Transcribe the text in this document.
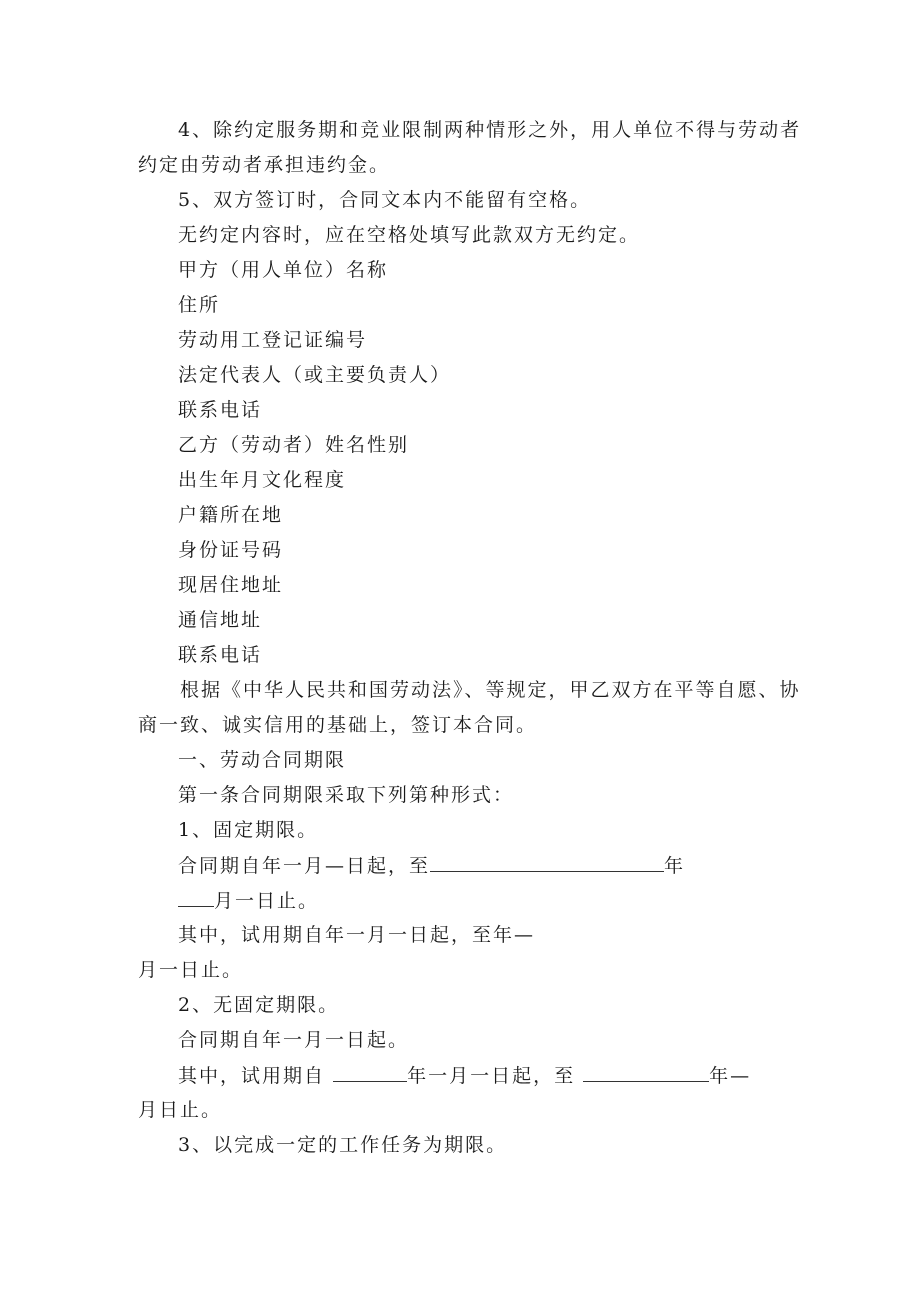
4、除约定服务期和竞业限制两种情形之外，用人单位不得与劳动者
约定由劳动者承担违约金。
5、双方签订时，合同文本内不能留有空格。
无约定内容时，应在空格处填写此款双方无约定。
甲方（用人单位）名称
住所
劳动用工登记证编号
法定代表人（或主要负责人）
联系电话
乙方（劳动者）姓名性别
出生年月文化程度
户籍所在地
身份证号码
现居住地址
通信地址
联系电话
根据《中华人民共和国劳动法》、等规定，甲乙双方在平等自愿、协
商一致、诚实信用的基础上，签订本合同。
一、劳动合同期限
第一条合同期限采取下列第种形式：
1、固定期限。
合同期自年一月—日起，至	年
月一日止。
其中，试用期自年一月一日起，至年—
月一日止。
2、无固定期限。
合同期自年一月一日起。
其中，试用期自	年一月一日起，至	年—
月日止。
3、以完成一定的工作任务为期限。
